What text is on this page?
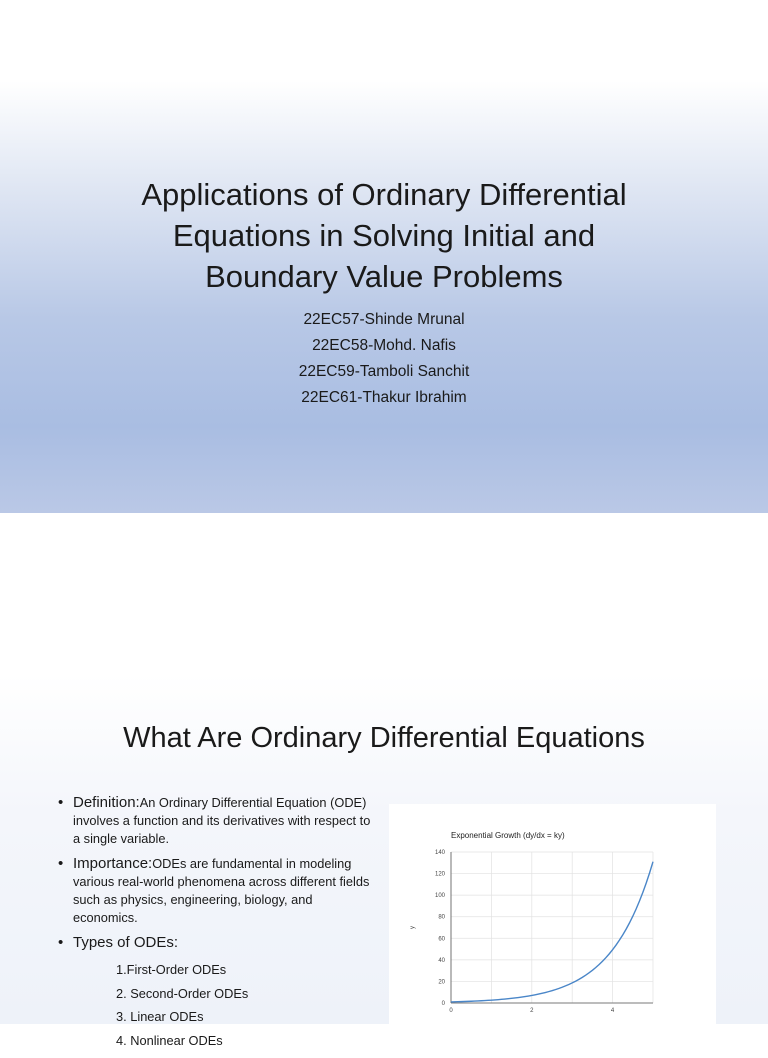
Applications of Ordinary Differential
Equations in Solving Initial and
Boundary Value Problems
22EC57-Shinde Mrunal
22EC58-Mohd. Nafis
22EC59-Tamboli Sanchit
22EC61-Thakur Ibrahim
What Are Ordinary Differential Equations
• Definition:An Ordinary Differential Equation (ODE) involves a function and its derivatives with respect to a single variable.
• Importance:ODEs are fundamental in modeling various real-world phenomena across different fields such as physics, engineering, biology, and economics.
• Types of ODEs:
1.First-Order ODEs
2. Second-Order ODEs
3. Linear ODEs
4. Nonlinear ODEs
Exponential Growth (dy/dx = ky)
y
0
20
40
60
80
100
120
140
0	2	4
